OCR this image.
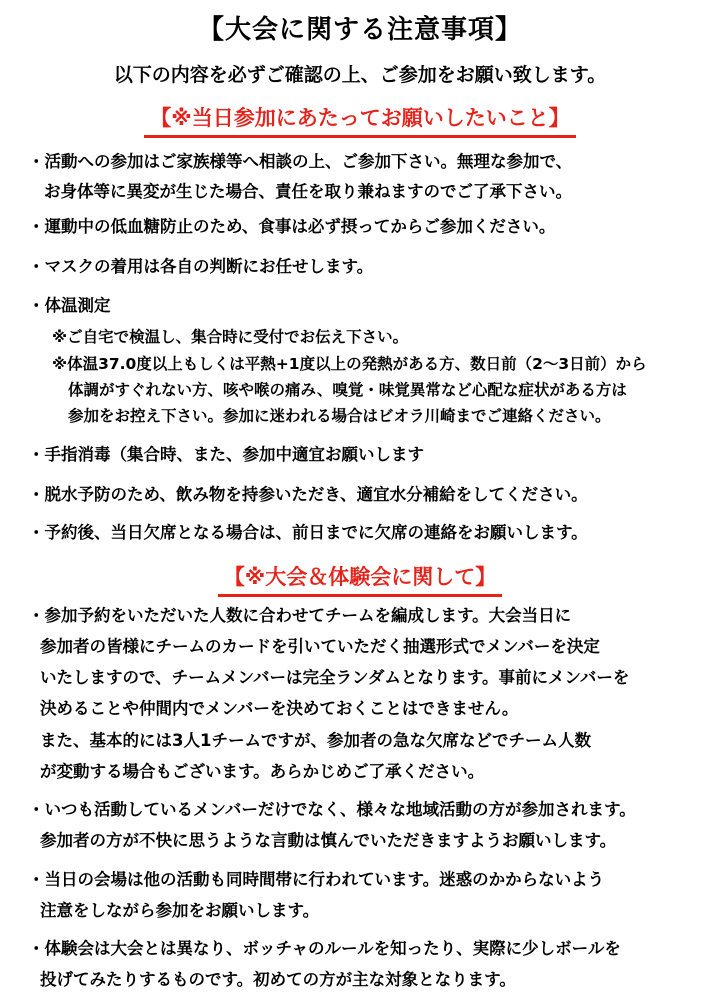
【大会に関する注意事項】
以下の内容を必ずご確認の上、ご参加をお願い致します。
【※当日参加にあたってお願いしたいこと】
・活動への参加はご家族様等へ相談の上、ご参加下さい。無理な参加で、
お身体等に異変が生じた場合、責任を取り兼ねますのでご了承下さい。
・運動中の低血糖防止のため、食事は必ず摂ってからご参加ください。
・マスクの着用は各自の判断にお任せします。
・体温測定
※ご自宅で検温し、集合時に受付でお伝え下さい。
※体温37.0度以上もしくは平熱+1度以上の発熱がある方、数日前（2～3日前）から
体調がすぐれない方、咳や喉の痛み、嗅覚・味覚異常など心配な症状がある方は
参加をお控え下さい。参加に迷われる場合はビオラ川崎までご連絡ください。
・手指消毒（集合時、また、参加中適宜お願いします
・脱水予防のため、飲み物を持参いただき、適宜水分補給をしてください。
・予約後、当日欠席となる場合は、前日までに欠席の連絡をお願いします。
【※大会＆体験会に関して】
・参加予約をいただいた人数に合わせてチームを編成します。大会当日に
参加者の皆様にチームのカードを引いていただく抽選形式でメンバーを決定
いたしますので、チームメンバーは完全ランダムとなります。事前にメンバーを
決めることや仲間内でメンバーを決めておくことはできません。
また、基本的には3人1チームですが、参加者の急な欠席などでチーム人数
が変動する場合もございます。あらかじめご了承ください。
・いつも活動しているメンバーだけでなく、様々な地域活動の方が参加されます。
参加者の方が不快に思うような言動は慎んでいただきますようお願いします。
・当日の会場は他の活動も同時間帯に行われています。迷惑のかからないよう
注意をしながら参加をお願いします。
・体験会は大会とは異なり、ボッチャのルールを知ったり、実際に少しボールを
投げてみたりするものです。初めての方が主な対象となります。
